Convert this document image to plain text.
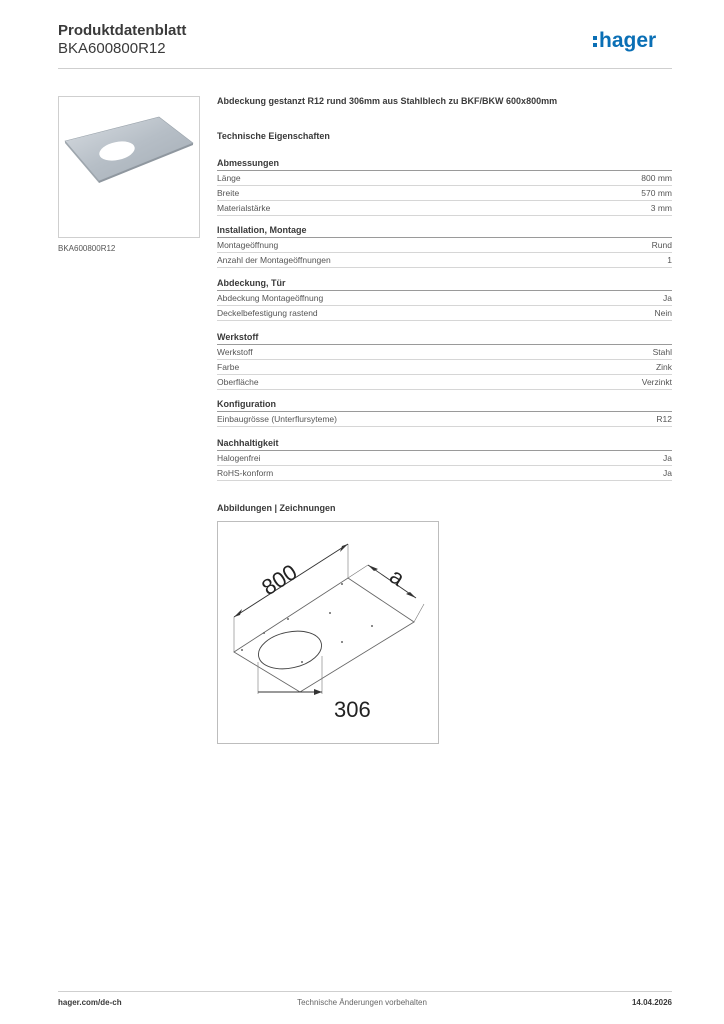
Produktdatenblatt
BKA600800R12	hager
BKA600800R12
Abdeckung gestanzt R12 rund 306mm aus Stahlblech zu BKF/BKW 600x800mm
Technische Eigenschaften
Abmessungen
Länge	800 mm
Breite	570 mm
Materialstärke	3 mm
Installation, Montage
Montageöffnung	Rund
Anzahl der Montageöffnungen	1
Abdeckung, Tür
Abdeckung Montageöffnung	Ja
Deckelbefestigung rastend	Nein
Werkstoff
Werkstoff	Stahl
Farbe	Zink
Oberfläche	Verzinkt
Konfiguration
Einbaugrösse (Unterflursyteme)	R12
Nachhaltigkeit
Halogenfrei	Ja
RoHS-konform	Ja
Abbildungen | Zeichnungen
800	a
306
hager.com/de-ch	Technische Änderungen vorbehalten	14.04.2026
